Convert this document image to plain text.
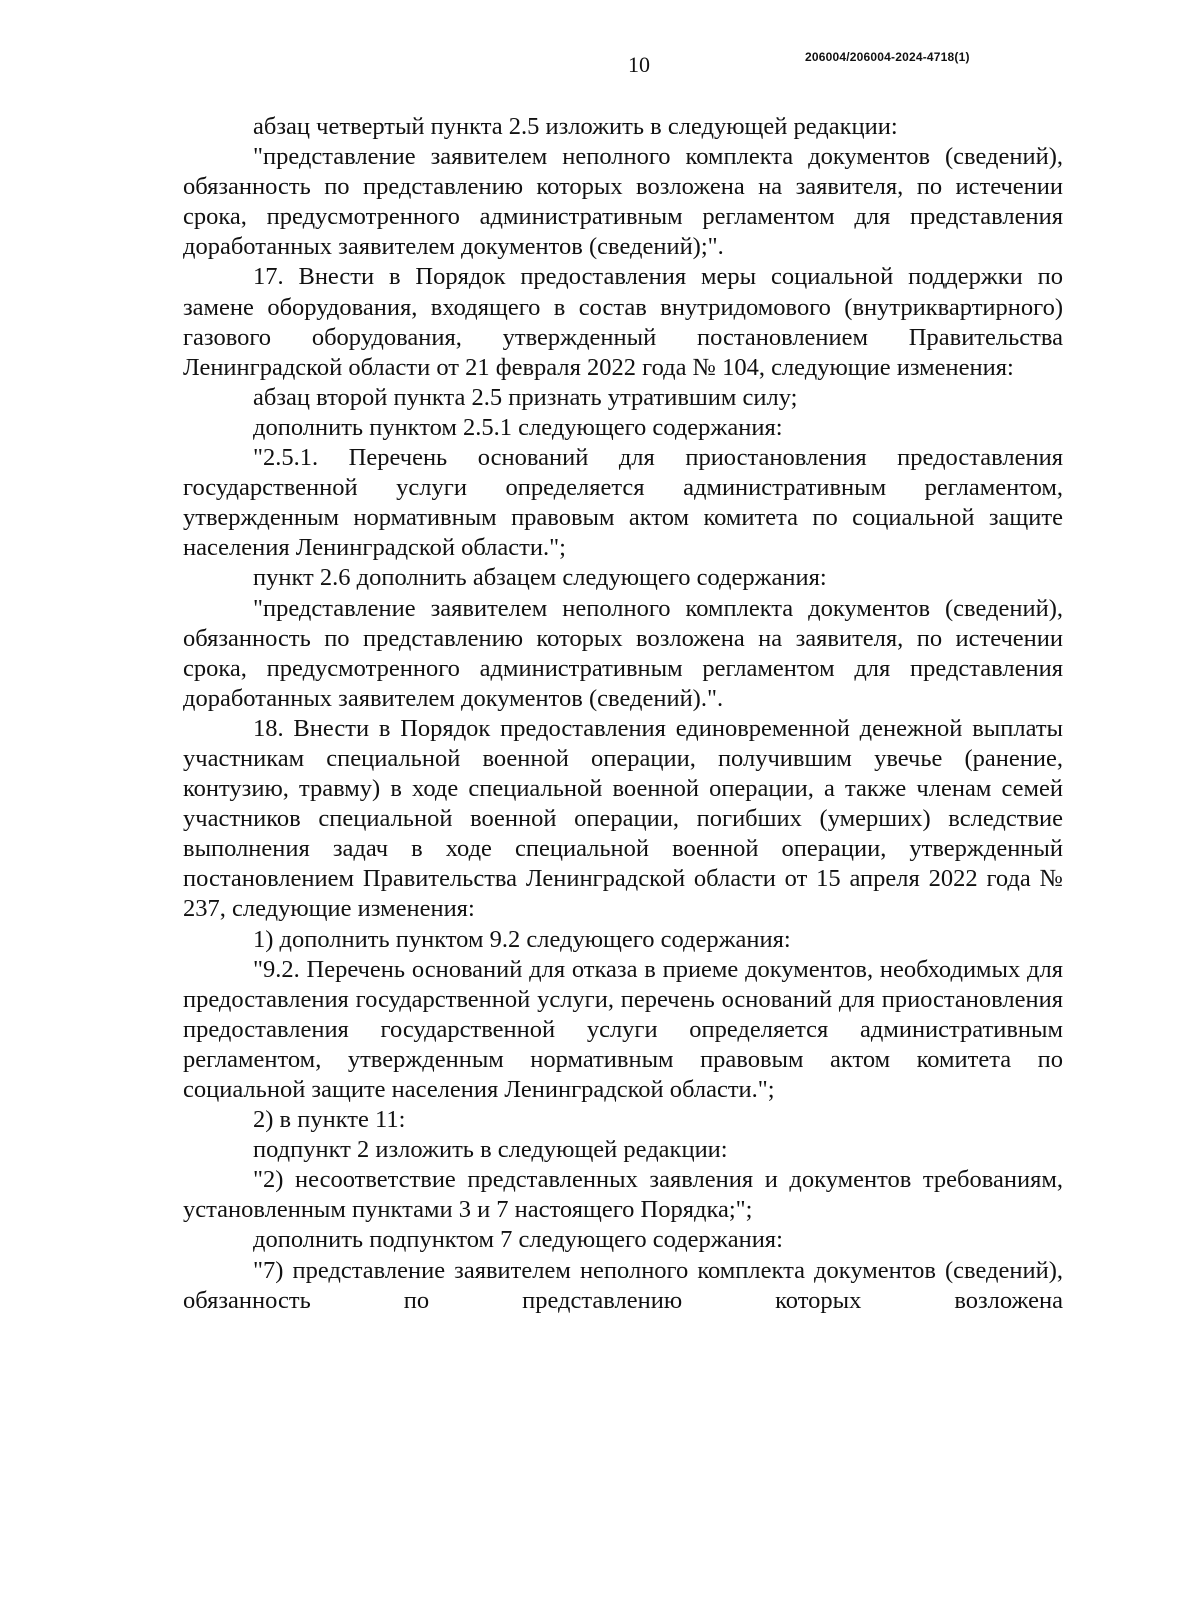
10	206004/206004-2024-4718(1)

абзац четвертый пункта 2.5 изложить в следующей редакции:

"представление заявителем неполного комплекта документов (сведений), обязанность по представлению которых возложена на заявителя, по истечении срока, предусмотренного административным регламентом для представления доработанных заявителем документов (сведений);".

17. Внести в Порядок предоставления меры социальной поддержки по замене оборудования, входящего в состав внутридомового (внутриквартирного) газового оборудования, утвержденный постановлением Правительства Ленинградской области от 21 февраля 2022 года № 104, следующие изменения:

абзац второй пункта 2.5 признать утратившим силу;

дополнить пунктом 2.5.1 следующего содержания:

"2.5.1. Перечень оснований для приостановления предоставления государственной услуги определяется административным регламентом, утвержденным нормативным правовым актом комитета по социальной защите населения Ленинградской области.";

пункт 2.6 дополнить абзацем следующего содержания:

"представление заявителем неполного комплекта документов (сведений), обязанность по представлению которых возложена на заявителя, по истечении срока, предусмотренного административным регламентом для представления доработанных заявителем документов (сведений).".

18. Внести в Порядок предоставления единовременной денежной выплаты участникам специальной военной операции, получившим увечье (ранение, контузию, травму) в ходе специальной военной операции, а также членам семей участников специальной военной операции, погибших (умерших) вследствие выполнения задач в ходе специальной военной операции, утвержденный постановлением Правительства Ленинградской области от 15 апреля 2022 года № 237, следующие изменения:

1) дополнить пунктом 9.2 следующего содержания:

"9.2. Перечень оснований для отказа в приеме документов, необходимых для предоставления государственной услуги, перечень оснований для приостановления предоставления государственной услуги определяется административным регламентом, утвержденным нормативным правовым актом комитета по социальной защите населения Ленинградской области.";

2) в пункте 11:

подпункт 2 изложить в следующей редакции:

"2) несоответствие представленных заявления и документов требованиям, установленным пунктами 3 и 7 настоящего Порядка;";

дополнить подпунктом 7 следующего содержания:

"7) представление заявителем неполного комплекта документов (сведений), обязанность по представлению которых возложена
